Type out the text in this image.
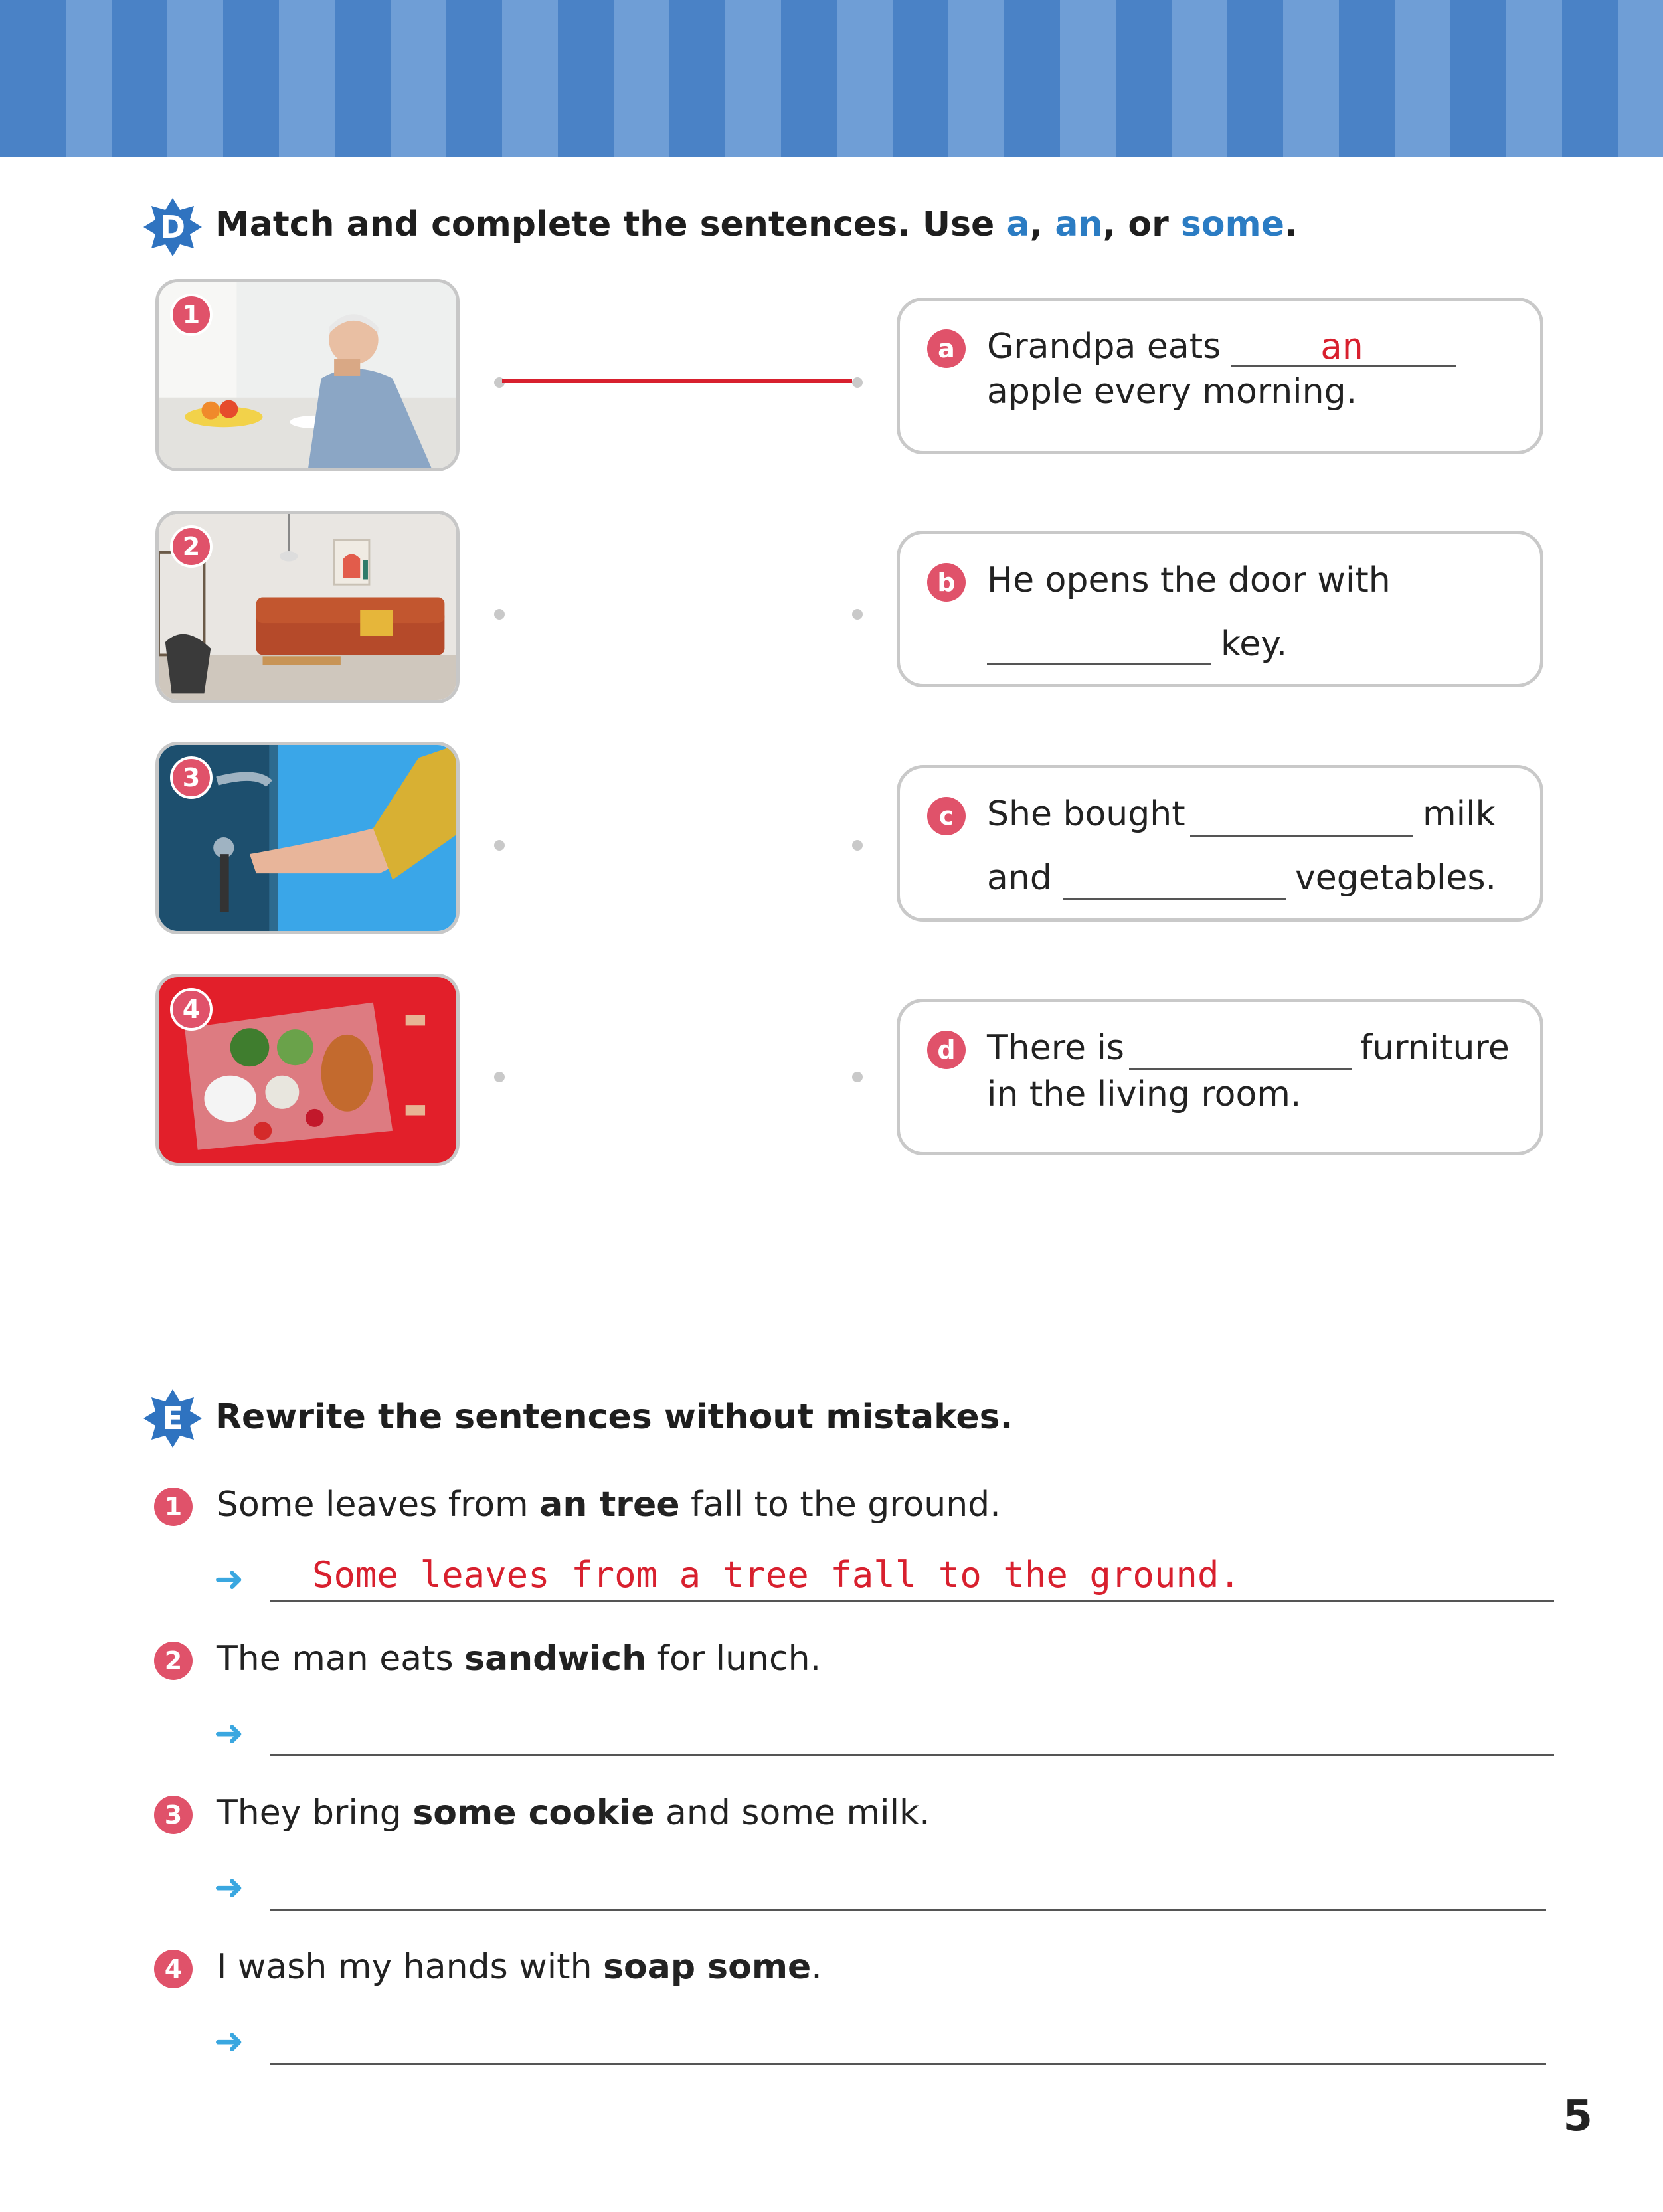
D Match and complete the sentences. Use a, an, or some.
1
2
3
4
a Grandpa eats	an
apple every morning.
b He opens the door with
key.
c She bought	milk
and	vegetables.
d There is	furniture
in the living room.
E Rewrite the sentences without mistakes.
1 Some leaves from an tree fall to the ground.
➜ Some leaves from a tree fall to the ground.
2 The man eats sandwich for lunch.
➜
3 They bring some cookie and some milk.
➜
4 I wash my hands with soap some.
➜
5
